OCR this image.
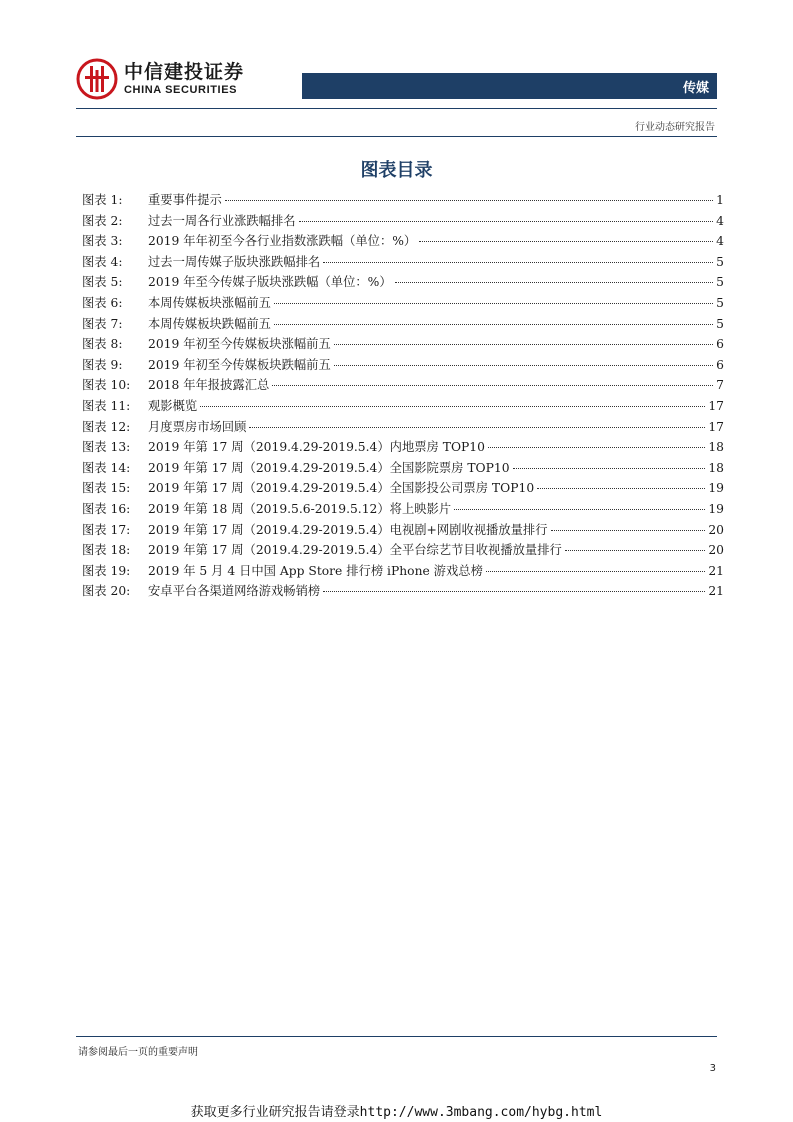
中信建投证券
CHINA SECURITIES	传媒
行业动态研究报告
图表目录
图表 1:	重要事件提示	1
图表 2:	过去一周各行业涨跌幅排名	4
图表 3:	2019 年年初至今各行业指数涨跌幅（单位：%）	4
图表 4:	过去一周传媒子版块涨跌幅排名	5
图表 5:	2019 年至今传媒子版块涨跌幅（单位：%）	5
图表 6:	本周传媒板块涨幅前五	5
图表 7:	本周传媒板块跌幅前五	5
图表 8:	2019 年初至今传媒板块涨幅前五	6
图表 9:	2019 年初至今传媒板块跌幅前五	6
图表 10:	2018 年年报披露汇总	7
图表 11:	观影概览	17
图表 12:	月度票房市场回顾	17
图表 13:	2019 年第 17 周（2019.4.29-2019.5.4）内地票房 TOP10	18
图表 14:	2019 年第 17 周（2019.4.29-2019.5.4）全国影院票房 TOP10	18
图表 15:	2019 年第 17 周（2019.4.29-2019.5.4）全国影投公司票房 TOP10	19
图表 16:	2019 年第 18 周（2019.5.6-2019.5.12）将上映影片	19
图表 17:	2019 年第 17 周（2019.4.29-2019.5.4）电视剧+网剧收视播放量排行	20
图表 18:	2019 年第 17 周（2019.4.29-2019.5.4）全平台综艺节目收视播放量排行	20
图表 19:	2019 年 5 月 4 日中国 App Store 排行榜 iPhone 游戏总榜	21
图表 20:	安卓平台各渠道网络游戏畅销榜	21
请参阅最后一页的重要声明
3
获取更多行业研究报告请登录http://www.3mbang.com/hybg.html
